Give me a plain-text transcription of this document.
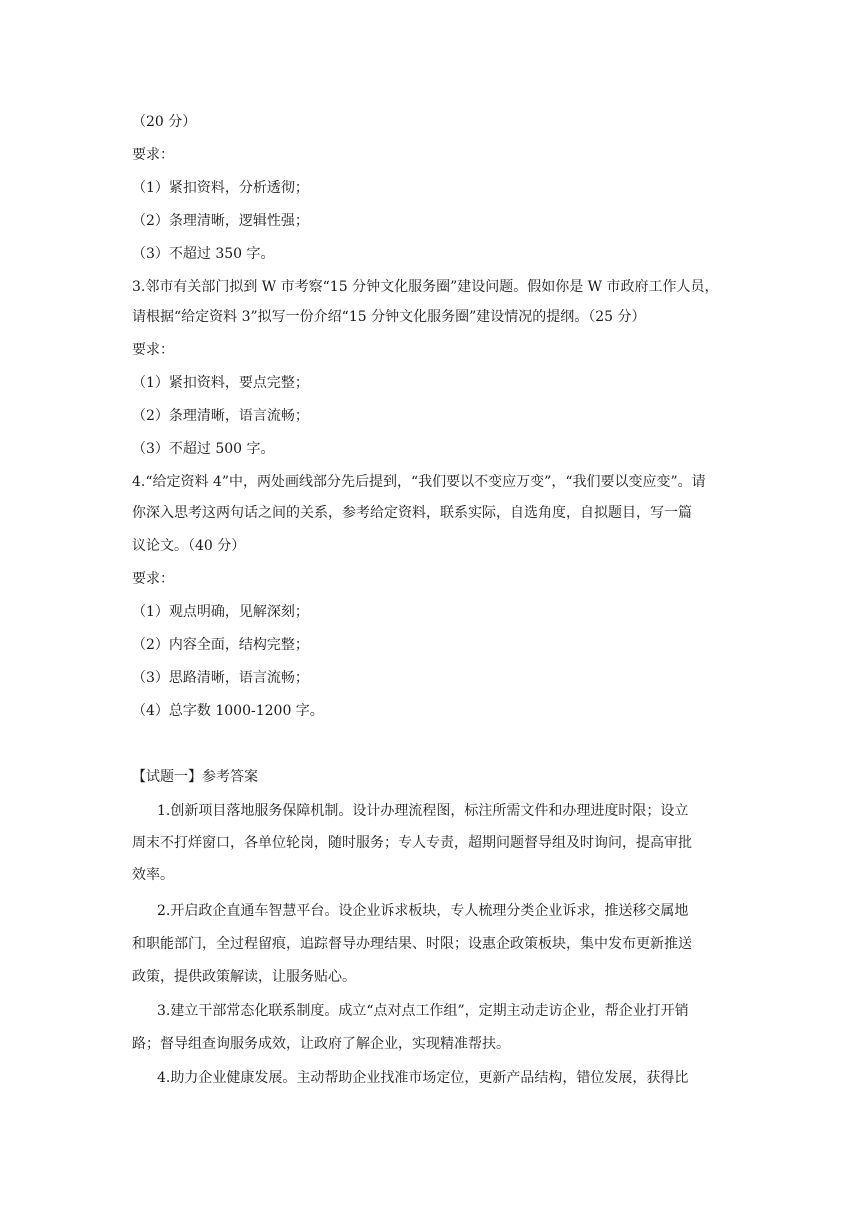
（20 分）
要求：
（1）紧扣资料，分析透彻；
（2）条理清晰，逻辑性强；
（3）不超过 350 字。
3.邻市有关部门拟到 W 市考察“15 分钟文化服务圈”建设问题。假如你是 W 市政府工作人员，
请根据“给定资料 3”拟写一份介绍“15 分钟文化服务圈”建设情况的提纲。（25 分）
要求：
（1）紧扣资料，要点完整；
（2）条理清晰，语言流畅；
（3）不超过 500 字。
4.“给定资料 4”中，两处画线部分先后提到，“我们要以不变应万变”，“我们要以变应变”。请
你深入思考这两句话之间的关系，参考给定资料，联系实际，自选角度，自拟题目，写一篇
议论文。（40 分）
要求：
（1）观点明确，见解深刻；
（2）内容全面，结构完整；
（3）思路清晰，语言流畅；
（4）总字数 1000-1200 字。
【试题一】参考答案
1.创新项目落地服务保障机制。设计办理流程图，标注所需文件和办理进度时限；设立
周末不打烊窗口，各单位轮岗，随时服务；专人专责，超期问题督导组及时询问，提高审批
效率。
2.开启政企直通车智慧平台。设企业诉求板块，专人梳理分类企业诉求，推送移交属地
和职能部门，全过程留痕，追踪督导办理结果、时限；设惠企政策板块，集中发布更新推送
政策，提供政策解读，让服务贴心。
3.建立干部常态化联系制度。成立“点对点工作组”，定期主动走访企业，帮企业打开销
路；督导组查询服务成效，让政府了解企业，实现精准帮扶。
4.助力企业健康发展。主动帮助企业找准市场定位，更新产品结构，错位发展，获得比
